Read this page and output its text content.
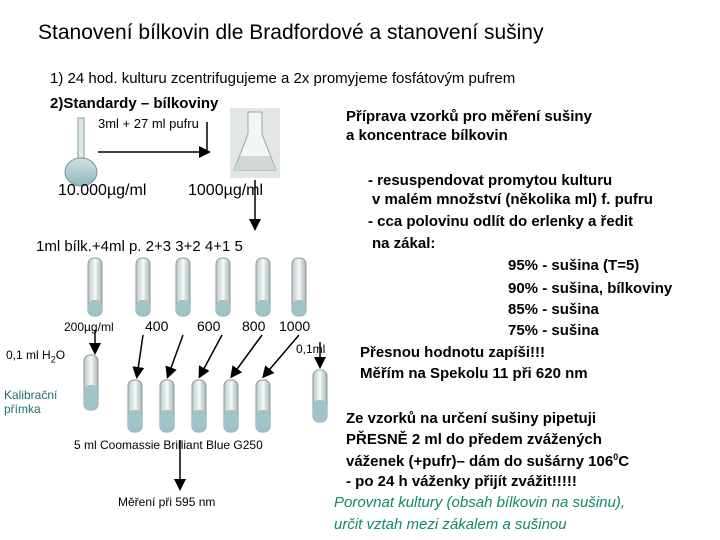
Stanovení bílkovin dle Bradfordové a stanovení sušiny
1) 24 hod. kulturu zcentrifugujeme a 2x promyjeme fosfátovým pufrem
2)Standardy – bílkoviny
3ml + 27 ml pufru
10.000µg/ml	1000µg/ml
1ml bílk.+4ml p. 2+3 3+2 4+1 5
200µg/ml 400 600 800 1000
0,1 ml $H_2O$	0,1ml
Kalibrační
přímka
5 ml Coomassie Brilliant Blue G250
Měření při 595 nm
Příprava vzorků pro měření sušiny
a koncentrace bílkovin
- resuspendovat promytou kulturu
v malém množství (několika ml) f. pufru
- cca polovinu odlít do erlenky a ředit
na zákal:
95% - sušina (T=5)
90% - sušina, bílkoviny
85% - sušina
75% - sušina
Přesnou hodnotu zapíši!!!
Měřím na Spekolu 11 při 620 nm
Ze vzorků na určení sušiny pipetuji
PŘESNĚ 2 ml do předem zvážených
váženek (+pufr)– dám do sušárny $106^0C$
- po 24 h váženky přijít zvážit!!!!!
Porovnat kultury (obsah bílkovin na sušinu),
určit vztah mezi zákalem a sušinou
